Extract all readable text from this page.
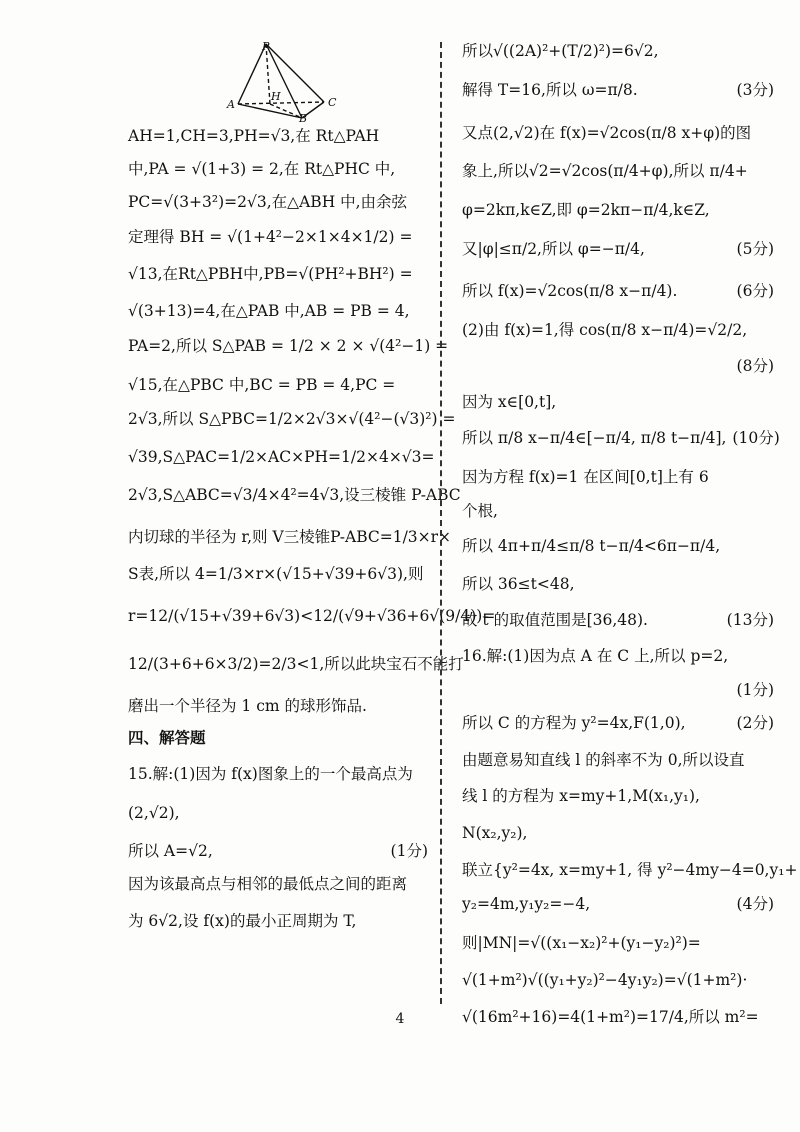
P
A
H	C
B
AH=1,CH=3,PH=√3,在 Rt△PAH
中,PA = √(1+3) = 2,在 Rt△PHC 中,
PC=√(3+3²)=2√3,在△ABH 中,由余弦
定理得 BH = √(1+4²−2×1×4×1/2) =
√13,在Rt△PBH中,PB=√(PH²+BH²) =
√(3+13)=4,在△PAB 中,AB = PB = 4,
PA=2,所以 S△PAB = 1/2 × 2 × √(4²−1) =
√15,在△PBC 中,BC = PB = 4,PC =
2√3,所以 S△PBC=1/2×2√3×√(4²−(√3)²) =
√39,S△PAC=1/2×AC×PH=1/2×4×√3=
2√3,S△ABC=√3/4×4²=4√3,设三棱锥 P-ABC
内切球的半径为 r,则 V三棱锥P-ABC=1/3×r×
S表,所以 4=1/3×r×(√15+√39+6√3),则
r=12/(√15+√39+6√3)<12/(√9+√36+6√(9/4))=
12/(3+6+6×3/2)=2/3<1,所以此块宝石不能打
磨出一个半径为 1 cm 的球形饰品.
四、解答题
15.解:(1)因为 f(x)图象上的一个最高点为
(2,√2),
所以 A=√2,	(1分)
因为该最高点与相邻的最低点之间的距离
为 6√2,设 f(x)的最小正周期为 T,
所以√((2A)²+(T/2)²)=6√2,
解得 T=16,所以 ω=π/8.	(3分)
又点(2,√2)在 f(x)=√2cos(π/8 x+φ)的图
象上,所以√2=√2cos(π/4+φ),所以 π/4+
φ=2kπ,k∈Z,即 φ=2kπ−π/4,k∈Z,
又|φ|≤π/2,所以 φ=−π/4,	(5分)
所以 f(x)=√2cos(π/8 x−π/4).	(6分)
(2)由 f(x)=1,得 cos(π/8 x−π/4)=√2/2,
(8分)
因为 x∈[0,t],
所以 π/8 x−π/4∈[−π/4, π/8 t−π/4], (10分)
因为方程 f(x)=1 在区间[0,t]上有 6
个根,
所以 4π+π/4≤π/8 t−π/4<6π−π/4,
所以 36≤t<48,
故 t 的取值范围是[36,48).	(13分)
16.解:(1)因为点 A 在 C 上,所以 p=2,
(1分)
所以 C 的方程为 y²=4x,F(1,0),	(2分)
由题意易知直线 l 的斜率不为 0,所以设直
线 l 的方程为 x=my+1,M(x₁,y₁),
N(x₂,y₂),
联立{y²=4x, x=my+1, 得 y²−4my−4=0,y₁+
y₂=4m,y₁y₂=−4,	(4分)
则|MN|=√((x₁−x₂)²+(y₁−y₂)²)=
√(1+m²)√((y₁+y₂)²−4y₁y₂)=√(1+m²)·
√(16m²+16)=4(1+m²)=17/4,所以 m²=
4
